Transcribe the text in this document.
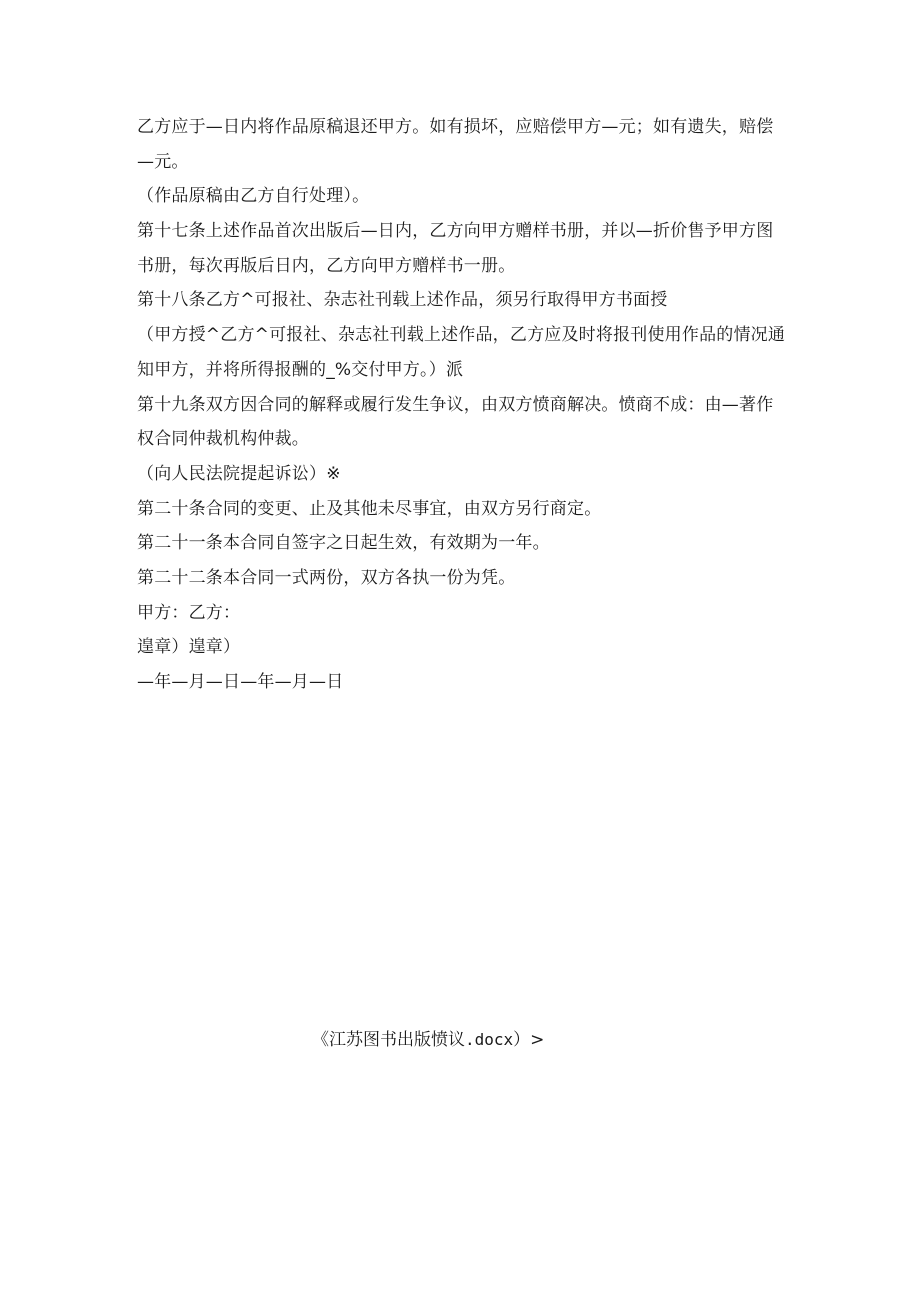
乙方应于—日内将作品原稿退还甲方。如有损坏，应赔偿甲方—元；如有遗失，赔偿
—元。
（作品原稿由乙方自行处理）。
第十七条上述作品首次出版后—日内，乙方向甲方赠样书册，并以—折价售予甲方图
书册，每次再版后日内，乙方向甲方赠样书一册。
第十八条乙方^可报社、杂志社刊载上述作品，须另行取得甲方书面授
（甲方授^乙方^可报社、杂志社刊载上述作品，乙方应及时将报刊使用作品的情况通
知甲方，并将所得报酬的_%交付甲方。）派
第十九条双方因合同的解释或履行发生争议，由双方愤商解决。愤商不成：由—著作
权合同仲裁机构仲裁。
（向人民法院提起诉讼）※
第二十条合同的变更、止及其他未尽事宜，由双方另行商定。
第二十一条本合同自签字之日起生效，有效期为一年。
第二十二条本合同一式两份，双方各执一份为凭。
甲方：乙方：
遑章）遑章）
—年—月—日—年—月—日
《江苏图书出版愤议.docx）>
